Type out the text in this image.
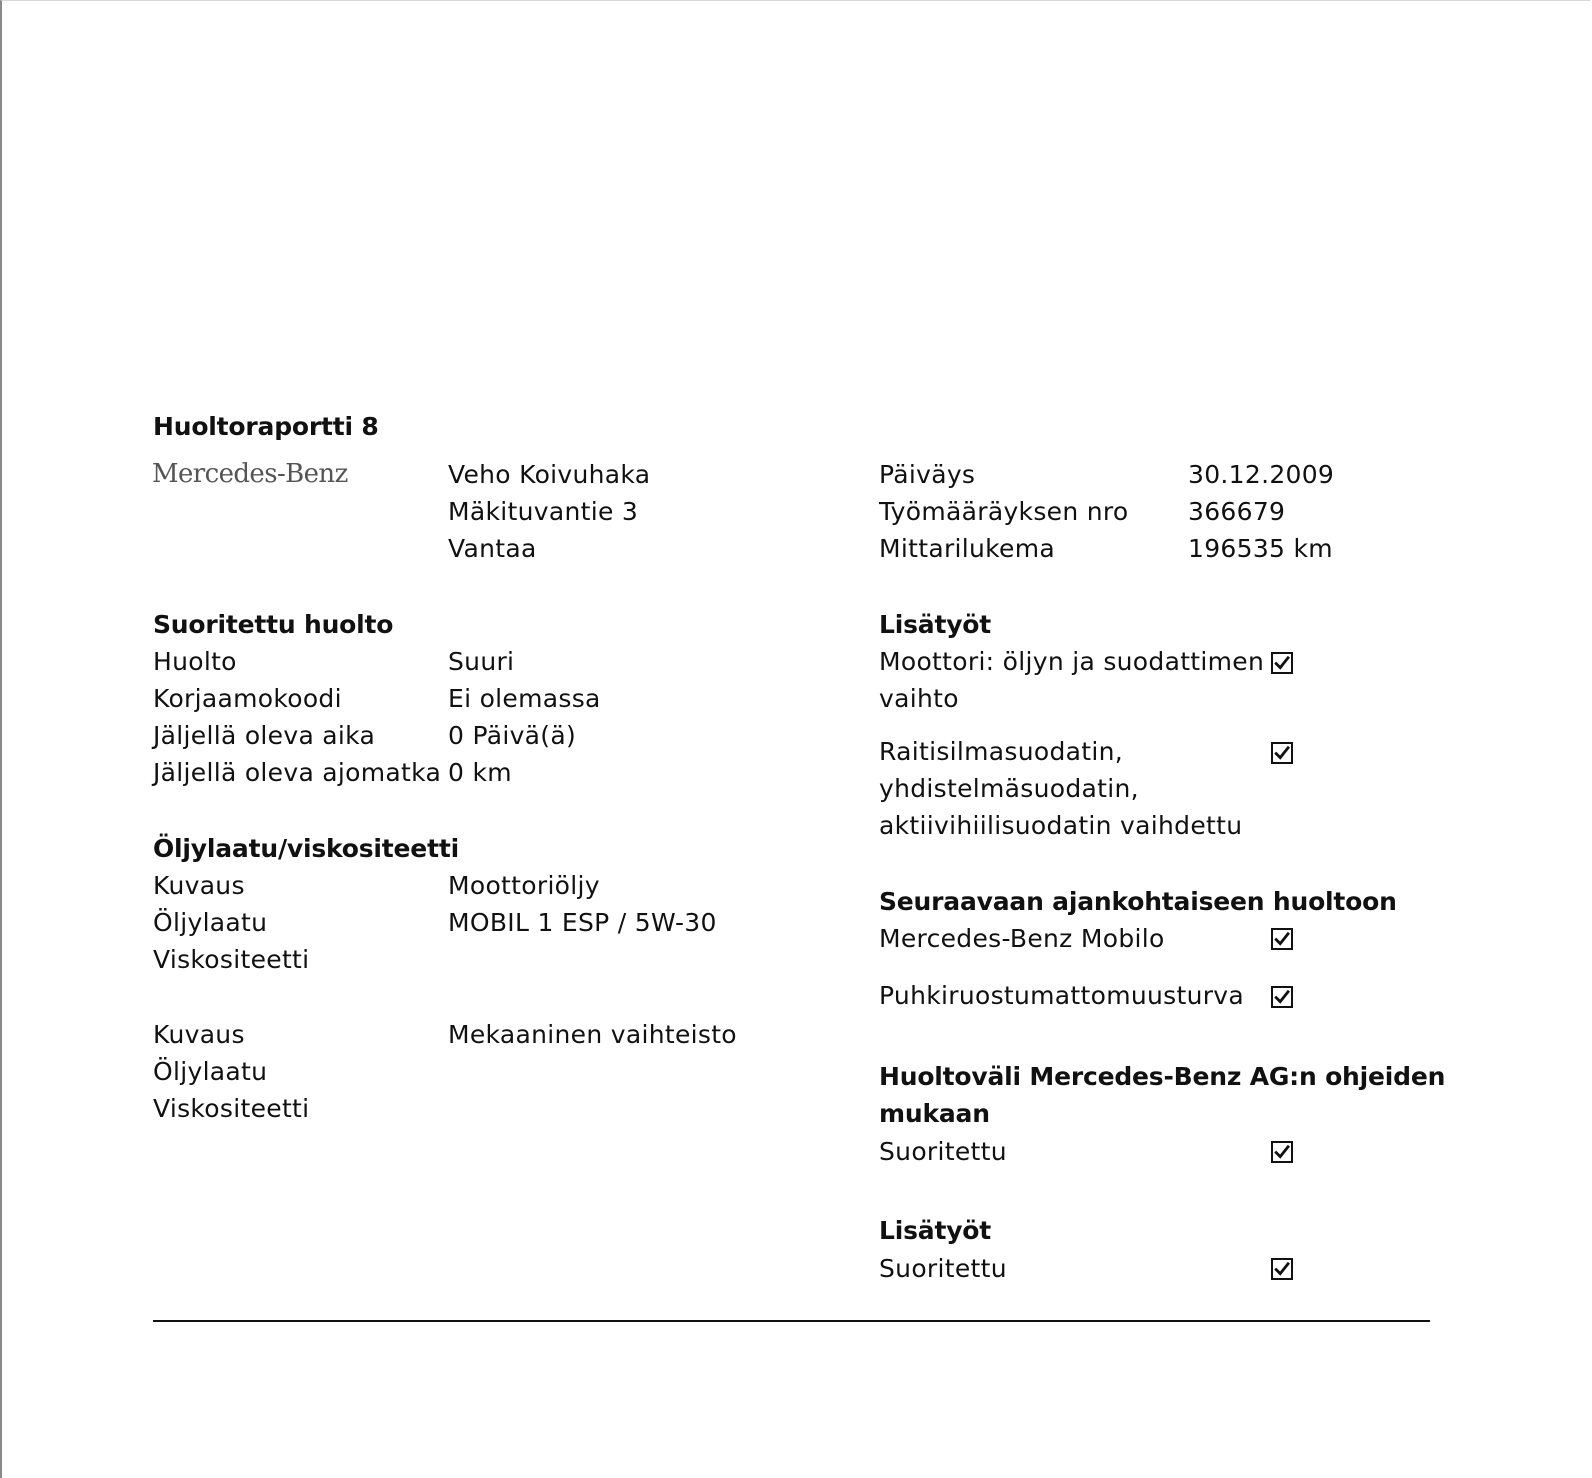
Huoltoraportti 8
Mercedes-Benz	Veho Koivuhaka
Mäkituvantie 3
Vantaa
Päiväys
Työmääräyksen nro
Mittarilukema
30.12.2009
366679
196535 km
Suoritettu huolto
Huolto
Korjaamokoodi
Jäljellä oleva aika
Jäljellä oleva ajomatka
Suuri
Ei olemassa
0 Päivä(ä)
0 km
Öljylaatu/viskositeetti
Kuvaus
Öljylaatu
Viskositeetti
Moottoriöljy
MOBIL 1 ESP / 5W-30
Kuvaus
Öljylaatu
Viskositeetti
Mekaaninen vaihteisto
Lisätyöt
Moottori: öljyn ja suodattimen
vaihto
Raitisilmasuodatin,
yhdistelmäsuodatin,
aktiivihiilisuodatin vaihdettu
Seuraavaan ajankohtaiseen huoltoon
Mercedes-Benz Mobilo
Puhkiruostumattomuusturva
Huoltoväli Mercedes-Benz AG:n ohjeiden
mukaan
Suoritettu
Lisätyöt
Suoritettu
